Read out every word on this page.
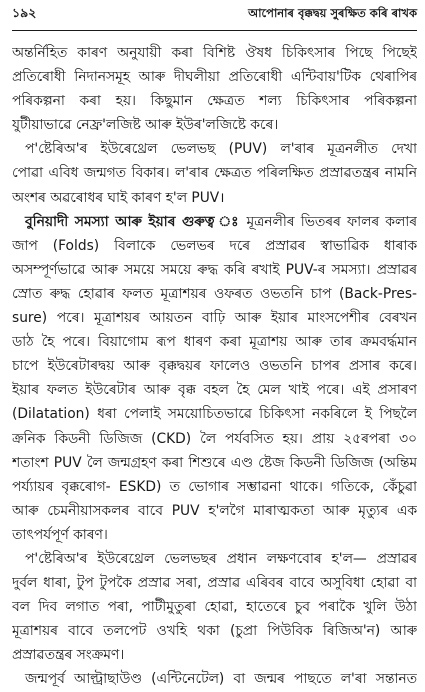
১৯২	আপোনাৰ বৃক্কদ্বয় সুৰক্ষিত কৰি ৰাখক
অন্তৰ্নিহিত কাৰণ অনুযায়ী কৰা বিশিষ্ট ঔষধ চিকিৎসাৰ পিছে পিছেই
প্ৰতিৰোধী নিদানসমূহ আৰু দীঘলীয়া প্ৰতিৰোধী এন্টিবায়'টিক থেৰাপিৰ
পৰিকল্পনা কৰা হয়। কিছুমান ক্ষেত্ৰত শল্য চিকিৎসাৰ পৰিকল্পনা
যুটীয়াভাৱে নেফ্ৰ'লজিষ্ট আৰু ইউৰ'লজিষ্টে কৰে।
প'ষ্টেৰিঅ'ৰ ইউৰেথ্ৰেল ভেলভছ (PUV) ল'ৰাৰ মূত্ৰনলীত দেখা
পোৱা এবিধ জন্মগত বিকাৰ। ল'ৰাৰ ক্ষেত্ৰত পৰিলক্ষিত প্ৰস্ৰাৱতন্ত্ৰৰ নামনি
অংশৰ অৱৰোধৰ ঘাই কাৰণ হ'ল PUV।
বুনিয়াদী সমস্যা আৰু ইয়াৰ গুৰুত্ব ঃ মূত্ৰনলীৰ ভিতৰৰ ফালৰ কলাৰ
জাপ (Folds) বিলাকে ভেলভৰ দৰে প্ৰস্ৰাৱৰ স্বাভাৱিক ধাৰাক
অসম্পূৰ্ণভাৱে আৰু সময়ে সময়ে ৰুদ্ধ কৰি ৰখাই PUV-ৰ সমস্যা। প্ৰস্ৰাৱৰ
স্ৰোত ৰুদ্ধ হোৱাৰ ফলত মূত্ৰাশয়ৰ ওফৰত ওভতনি চাপ (Back-Pres-
sure) পৰে। মূত্ৰাশয়ৰ আয়তন বাঢ়ি আৰু ইয়াৰ মাংসপেশীৰ বেৰখন
ডাঠ হৈ পৰে। বিয়াগোম ৰূপ ধাৰণ কৰা মূত্ৰাশয় আৰু তাৰ ক্ৰমবৰ্দ্ধমান
চাপে ইউৰেটাৰদ্বয় আৰু বৃক্কদ্বয়ৰ ফালেও ওভতনি চাপৰ প্ৰসাৰ কৰে।
ইয়াৰ ফলত ইউৰেটাৰ আৰু বৃক্ক বহল হৈ মেল খাই পৰে। এই প্ৰসাৰণ
(Dilatation) ধৰা পেলাই সময়োচিতভাৱে চিকিৎসা নকৰিলে ই পিছলৈ
ক্ৰনিক কিডনী ডিজিজ (CKD) লৈ পৰ্যবসিত হয়। প্ৰায় ২৫ৰপৰা ৩০
শতাংশ PUV লৈ জন্মগ্ৰহণ কৰা শিশুৰে এণ্ড ষ্টেজ কিডনী ডিজিজ (অন্তিম
পৰ্য্যায়ৰ বৃক্কৰোগ- ESKD) ত ভোগাৰ সম্ভাৱনা থাকে। গতিকে, কেঁচুৱা
আৰু চেমনীয়াসকলৰ বাবে PUV হ'লগৈ মাৰাত্মকতা আৰু মৃত্যুৰ এক
তাৎপৰ্যপূৰ্ণ কাৰণ।
প'ষ্টেৰিঅ'ৰ ইউৰেথ্ৰেল ভেলভছৰ প্ৰধান লক্ষণবোৰ হ'ল— প্ৰস্ৰাৱৰ
দুৰ্বল ধাৰা, টুপ টুপকৈ প্ৰস্ৰাৱ সৰা, প্ৰস্ৰাৱ এৰিবৰ বাবে অসুবিধা হোৱা বা
বল দিব লগাত পৰা, পাটীমুতুৰা হোৱা, হাতেৰে চুব পৰাকৈ খুলি উঠা
মূত্ৰাশয়ৰ বাবে তলপেট ওখহি থকা (চুপ্ৰা পিউবিক ৰিজিঅ'ন) আৰু
প্ৰস্ৰাৱতন্ত্ৰৰ সংক্ৰমণ।
জন্মপূৰ্ব আল্ট্ৰাছাউণ্ড (এন্টিনেটেল) বা জন্মৰ পাছতে ল'ৰা সন্তানত
